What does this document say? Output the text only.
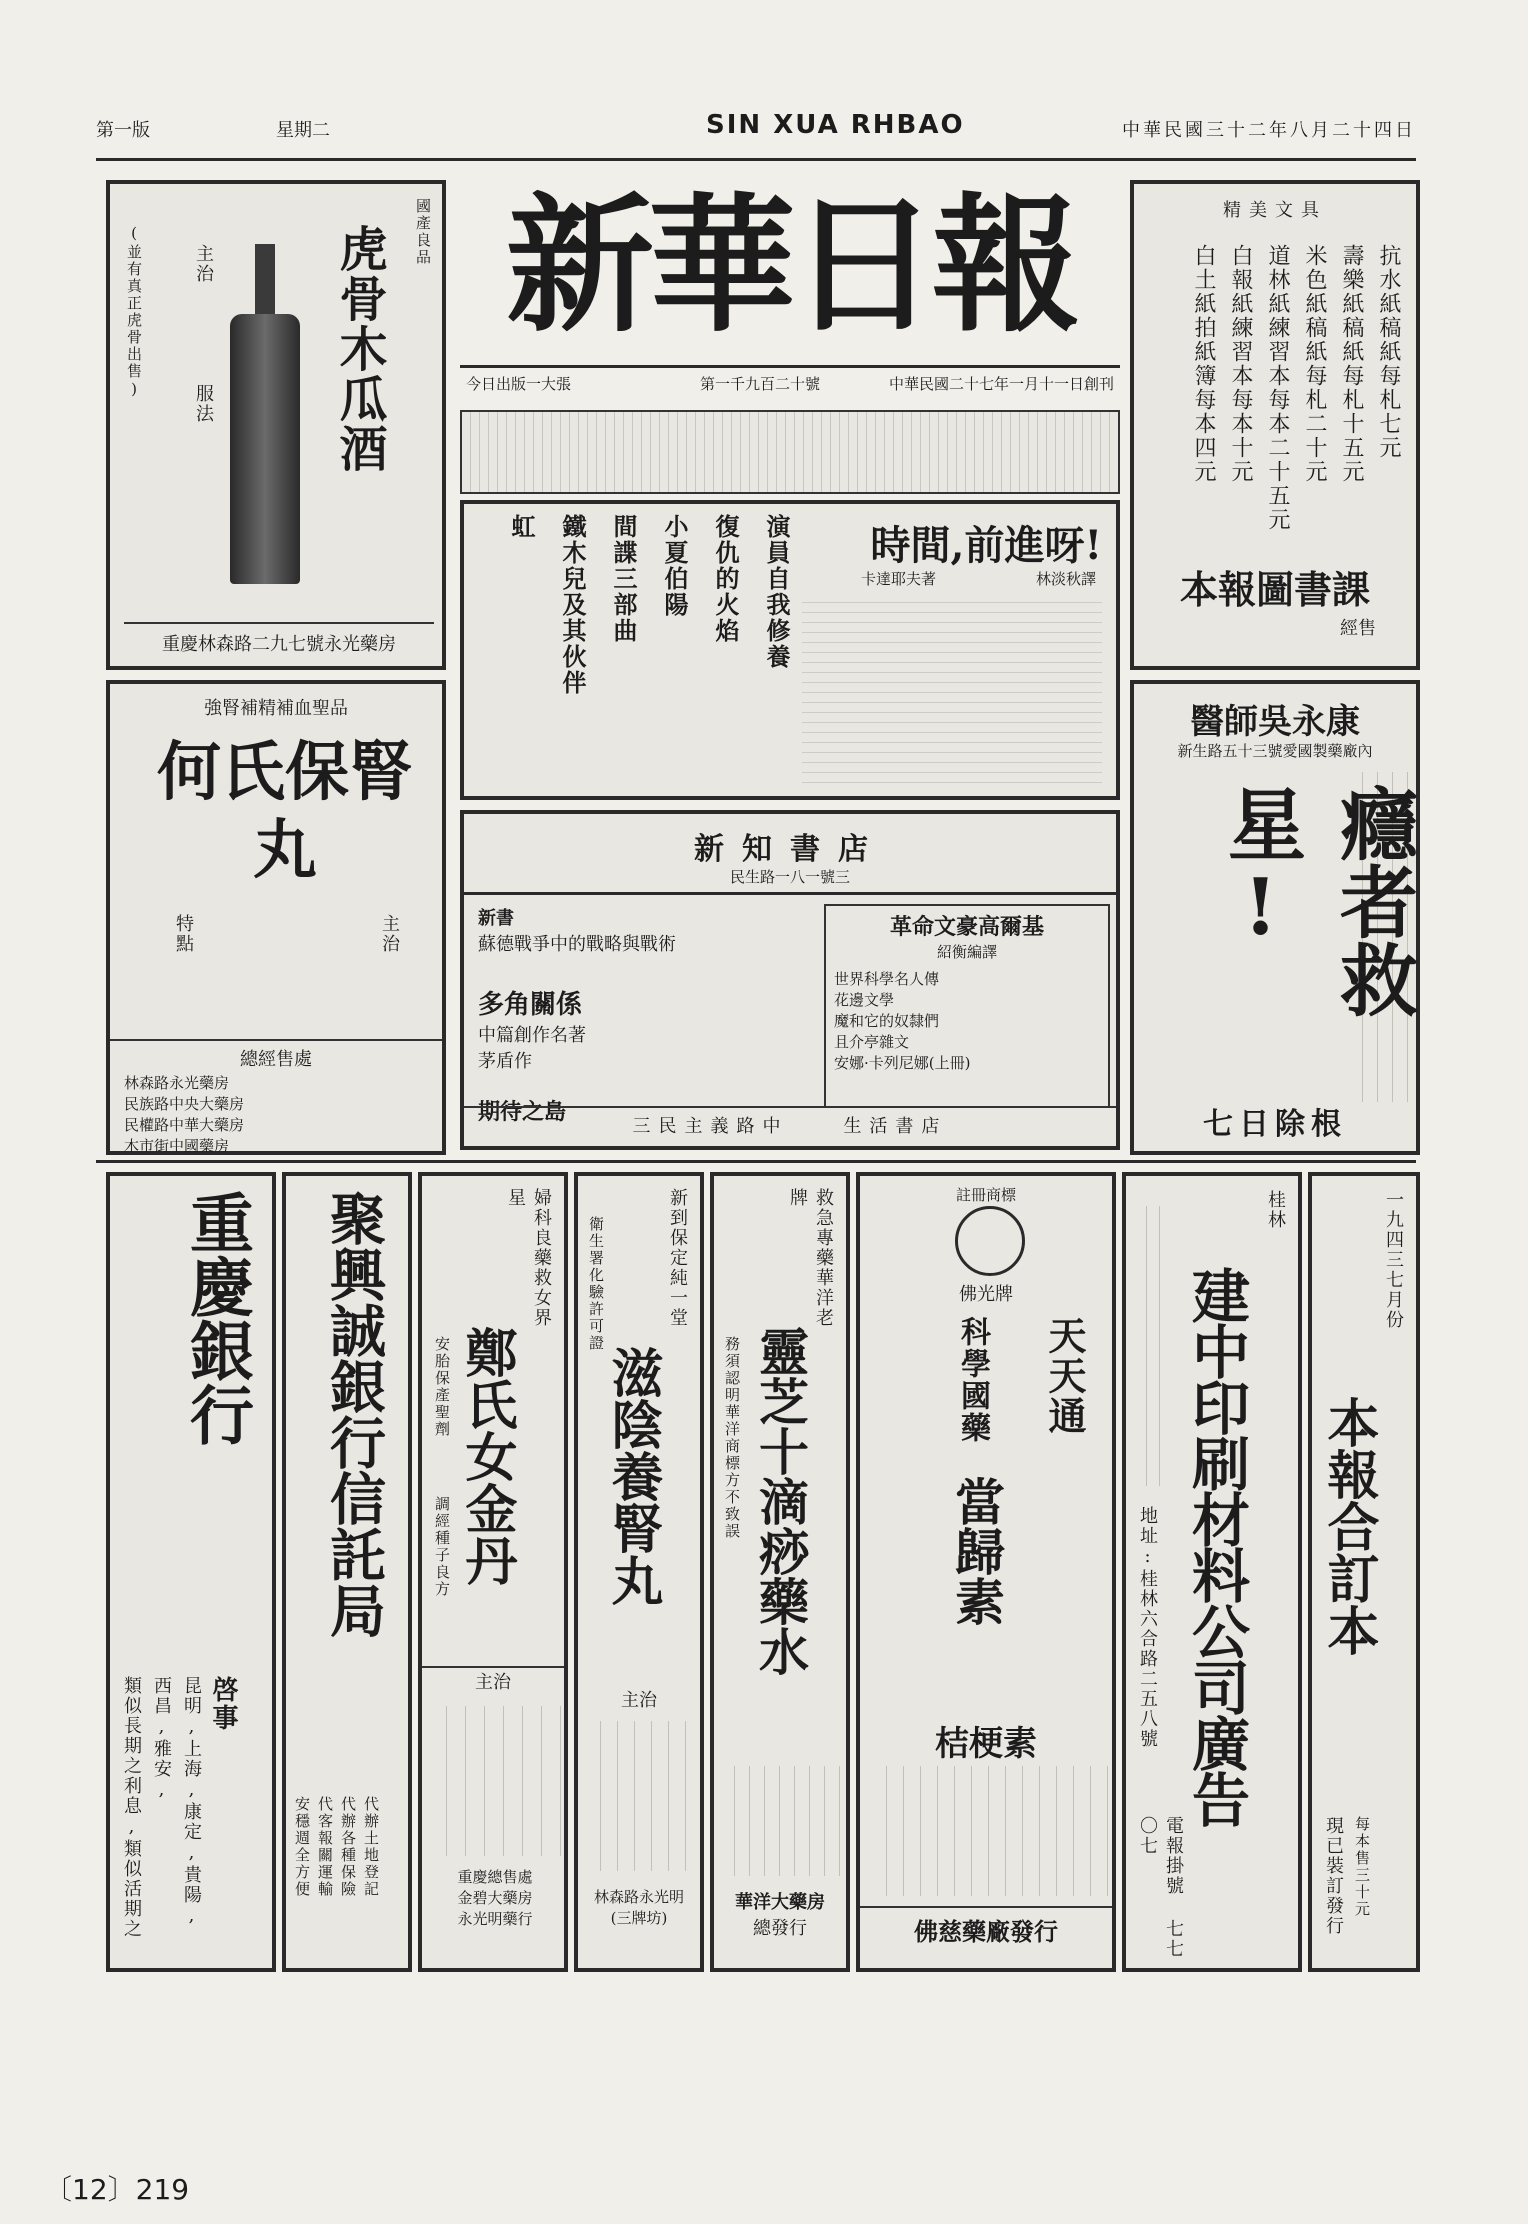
第一版	星期二	SIN XUA RHBAO	中華民國三十二年八月二十四日
國產良品
虎骨木瓜酒
主治
服法
(並有真正虎骨出售)
重慶林森路二九七號永光藥房
強腎補精補血聖品
何氏保腎丸
主治
特點
總經售處
林森路永光藥房
民族路中央大藥房
民權路中華大藥房
木市街中國藥房
新華日報
今日出版一大張	第一千九百二十號	中華民國二十七年一月十一日創刊
精美文具
抗水紙稿紙每札七元
壽樂紙稿紙每札十五元
米色紙稿紙每札二十元
道林紙練習本每本二十五元
白報紙練習本每本十元
白土紙拍紙簿每本四元
本報圖書課
經售
時間,前進呀!
卡達耶夫著	林淡秋譯
演員自我修養
復仇的火焰
小夏伯陽
間諜三部曲
鐵木兒及其伙伴
虹
醫師吳永康
新生路五十三號愛國製藥廠內
癮者救星!
七日除根
新知書店
民生路一八一號三
新書
蘇德戰爭中的戰略與戰術
多角關係
中篇創作名著
茅盾作
期待之島
革命文豪高爾基
紹衡編譯
世界科學名人傳
花邊文學
魔和它的奴隸們
且介亭雜文
安娜·卡列尼娜(上冊)
三民主義路中	生活書店
重慶銀行
啓事
昆明,上海,康定,貴陽,
西昌,雅安,
類似長期之利息,類似活期之
聚興誠銀行信託局
代辦土地登記
代辦各種保險
代客報關運輸
安穩週全方便
婦科良藥救女界星
鄭氏女金丹
安胎保產聖劑
調經種子良方
主治
重慶總售處
金碧大藥房
永光明藥行
新到保定純一堂
滋陰養腎丸
衛生署化驗許可證
主治
林森路永光明
(三牌坊)
救急專藥華洋老牌
靈芝十滴痧藥水
務須認明華洋商標方不致誤
華洋大藥房
總發行
註冊商標
佛光牌
天天通
科學國藥
當歸素
桔梗素
佛慈藥廠發行
桂林
建中印刷材料公司廣告
地址:桂林六合路二五八號
電報掛號 七七〇七
一九四三七月份
本報合訂本
現已裝訂發行 每本售三十元
〔12〕219
